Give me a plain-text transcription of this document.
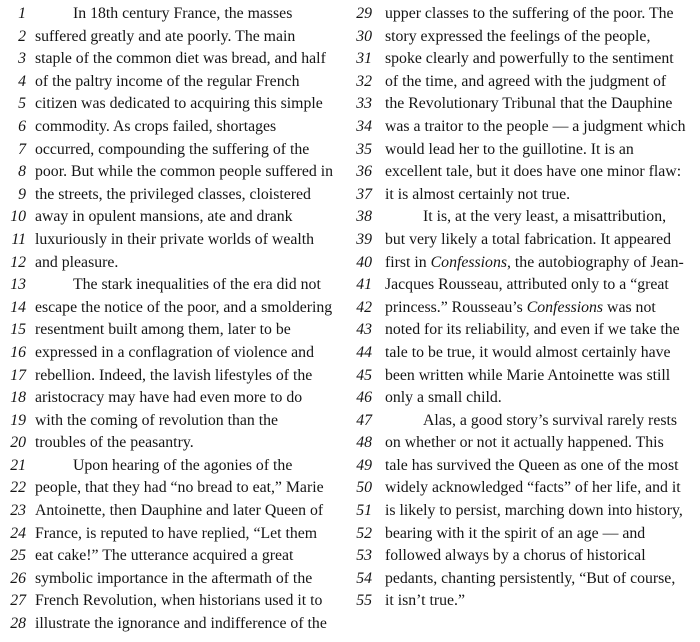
1	In 18th century France, the masses
2 suffered greatly and ate poorly. The main
3 staple of the common diet was bread, and half
4 of the paltry income of the regular French
5 citizen was dedicated to acquiring this simple
6 commodity. As crops failed, shortages
7 occurred, compounding the suffering of the
8 poor. But while the common people suffered in
9 the streets, the privileged classes, cloistered
10 away in opulent mansions, ate and drank
11 luxuriously in their private worlds of wealth
12 and pleasure.
13	The stark inequalities of the era did not
14 escape the notice of the poor, and a smoldering
15 resentment built among them, later to be
16 expressed in a conflagration of violence and
17 rebellion. Indeed, the lavish lifestyles of the
18 aristocracy may have had even more to do
19 with the coming of revolution than the
20 troubles of the peasantry.
21	Upon hearing of the agonies of the
22 people, that they had “no bread to eat,” Marie
23 Antoinette, then Dauphine and later Queen of
24 France, is reputed to have replied, “Let them
25 eat cake!” The utterance acquired a great
26 symbolic importance in the aftermath of the
27 French Revolution, when historians used it to
28 illustrate the ignorance and indifference of the
29 upper classes to the suffering of the poor. The
30 story expressed the feelings of the people,
31 spoke clearly and powerfully to the sentiment
32 of the time, and agreed with the judgment of
33 the Revolutionary Tribunal that the Dauphine
34 was a traitor to the people — a judgment which
35 would lead her to the guillotine. It is an
36 excellent tale, but it does have one minor flaw:
37 it is almost certainly not true.
38	It is, at the very least, a misattribution,
39 but very likely a total fabrication. It appeared
40 first in Confessions, the autobiography of Jean-
41 Jacques Rousseau, attributed only to a “great
42 princess.” Rousseau’s Confessions was not
43 noted for its reliability, and even if we take the
44 tale to be true, it would almost certainly have
45 been written while Marie Antoinette was still
46 only a small child.
47	Alas, a good story’s survival rarely rests
48 on whether or not it actually happened. This
49 tale has survived the Queen as one of the most
50 widely acknowledged “facts” of her life, and it
51 is likely to persist, marching down into history,
52 bearing with it the spirit of an age — and
53 followed always by a chorus of historical
54 pedants, chanting persistently, “But of course,
55 it isn’t true.”
